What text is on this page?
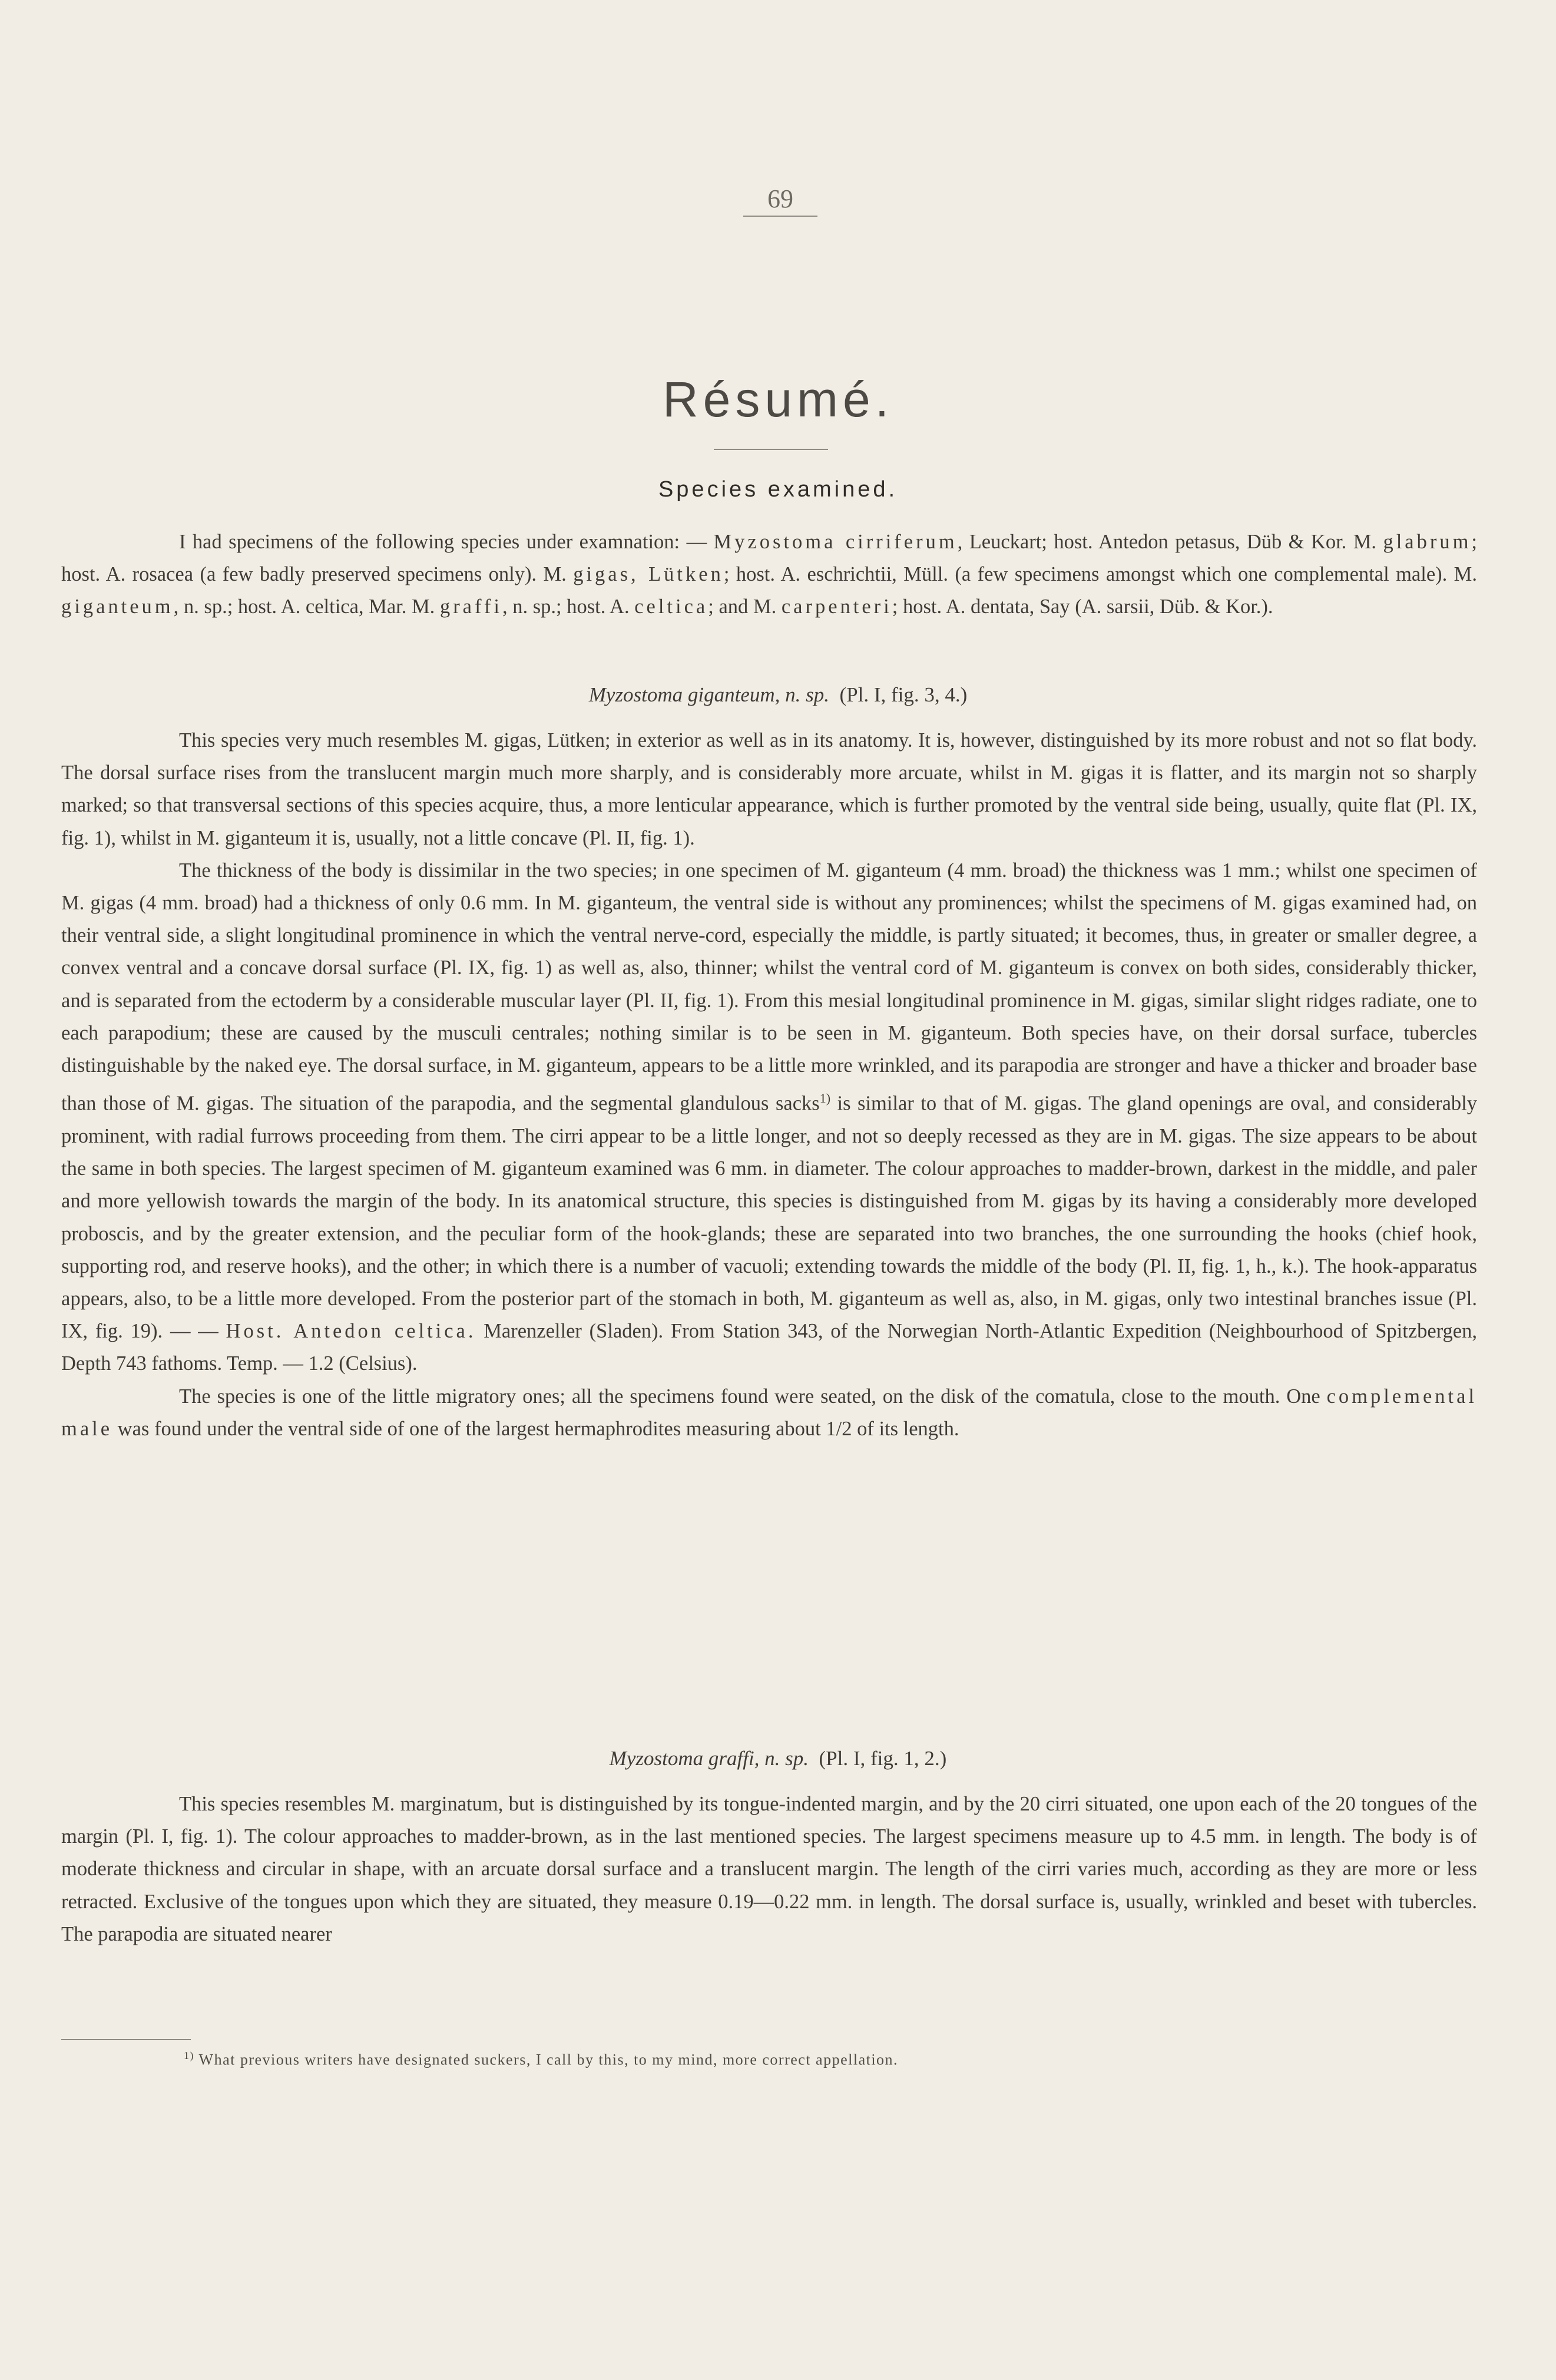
69
Résumé.
Species examined.

I had specimens of the following species under examnation: — Myzostoma cirriferum, Leuckart; host. Antedon petasus, Düb & Kor. M. glabrum; host. A. rosacea (a few badly preserved specimens only). M. gigas, Lütken; host. A. eschrichtii, Müll. (a few specimens amongst which one complemental male). M. giganteum, n. sp.; host. A. celtica, Mar. M. graffi, n. sp.; host. A. celtica; and M. carpenteri; host. A. dentata, Say (A. sarsii, Düb. & Kor.).

Myzostoma giganteum, n. sp. (Pl. I, fig. 3, 4.)

This species very much resembles M. gigas, Lütken; in exterior as well as in its anatomy. It is, however, distinguished by its more robust and not so flat body. The dorsal surface rises from the translucent margin much more sharply, and is considerably more arcuate, whilst in M. gigas it is flatter, and its margin not so sharply marked; so that transversal sections of this species acquire, thus, a more lenticular appearance, which is further promoted by the ventral side being, usually, quite flat (Pl. IX, fig. 1), whilst in M. giganteum it is, usually, not a little concave (Pl. II, fig. 1).

The thickness of the body is dissimilar in the two species; in one specimen of M. giganteum (4 mm. broad) the thickness was 1 mm.; whilst one specimen of M. gigas (4 mm. broad) had a thickness of only 0.6 mm. In M. giganteum, the ventral side is without any prominences; whilst the specimens of M. gigas examined had, on their ventral side, a slight longitudinal prominence in which the ventral nerve-cord, especially the middle, is partly situated; it becomes, thus, in greater or smaller degree, a convex ventral and a concave dorsal surface (Pl. IX, fig. 1) as well as, also, thinner; whilst the ventral cord of M. giganteum is convex on both sides, considerably thicker, and is separated from the ectoderm by a considerable muscular layer (Pl. II, fig. 1). From this mesial longitudinal prominence in M. gigas, similar slight ridges radiate, one to each parapodium; these are caused by the musculi centrales; nothing similar is to be seen in M. giganteum. Both species have, on their dorsal surface, tubercles distinguishable by the naked eye. The dorsal surface, in M. giganteum, appears to be a little more wrinkled, and its parapodia are stronger and have a thicker and broader base than those of M. gigas. The situation of the parapodia, and the segmental glandulous sacks$^{1)}$ is similar to that of M. gigas. The gland openings are oval, and considerably prominent, with radial furrows proceeding from them. The cirri appear to be a little longer, and not so deeply recessed as they are in M. gigas. The size appears to be about the same in both species. The largest specimen of M. giganteum examined was 6 mm. in diameter. The colour approaches to madder-brown, darkest in the middle, and paler and more yellowish towards the margin of the body. In its anatomical structure, this species is distinguished from M. gigas by its having a considerably more developed proboscis, and by the greater extension, and the peculiar form of the hook-glands; these are separated into two branches, the one surrounding the hooks (chief hook, supporting rod, and reserve hooks), and the other; in which there is a number of vacuoli; extending towards the middle of the body (Pl. II, fig. 1, h., k.). The hook-apparatus appears, also, to be a little more developed. From the posterior part of the stomach in both, M. giganteum as well as, also, in M. gigas, only two intestinal branches issue (Pl. IX, fig. 19). — — Host. Antedon celtica. Marenzeller (Sladen). From Station 343, of the Norwegian North-Atlantic Expedition (Neighbourhood of Spitzbergen, Depth 743 fathoms. Temp. — 1.2 (Celsius).

The species is one of the little migratory ones; all the specimens found were seated, on the disk of the comatula, close to the mouth. One complemental male was found under the ventral side of one of the largest hermaphrodites measuring about 1/2 of its length.

Myzostoma graffi, n. sp. (Pl. I, fig. 1, 2.)

This species resembles M. marginatum, but is distinguished by its tongue-indented margin, and by the 20 cirri situated, one upon each of the 20 tongues of the margin (Pl. I, fig. 1). The colour approaches to madder-brown, as in the last mentioned species. The largest specimens measure up to 4.5 mm. in length. The body is of moderate thickness and circular in shape, with an arcuate dorsal surface and a translucent margin. The length of the cirri varies much, according as they are more or less retracted. Exclusive of the tongues upon which they are situated, they measure 0.19—0.22 mm. in length. The dorsal surface is, usually, wrinkled and beset with tubercles. The parapodia are situated nearer

$^{1)}$ What previous writers have designated suckers, I call by this, to my mind, more correct appellation.
